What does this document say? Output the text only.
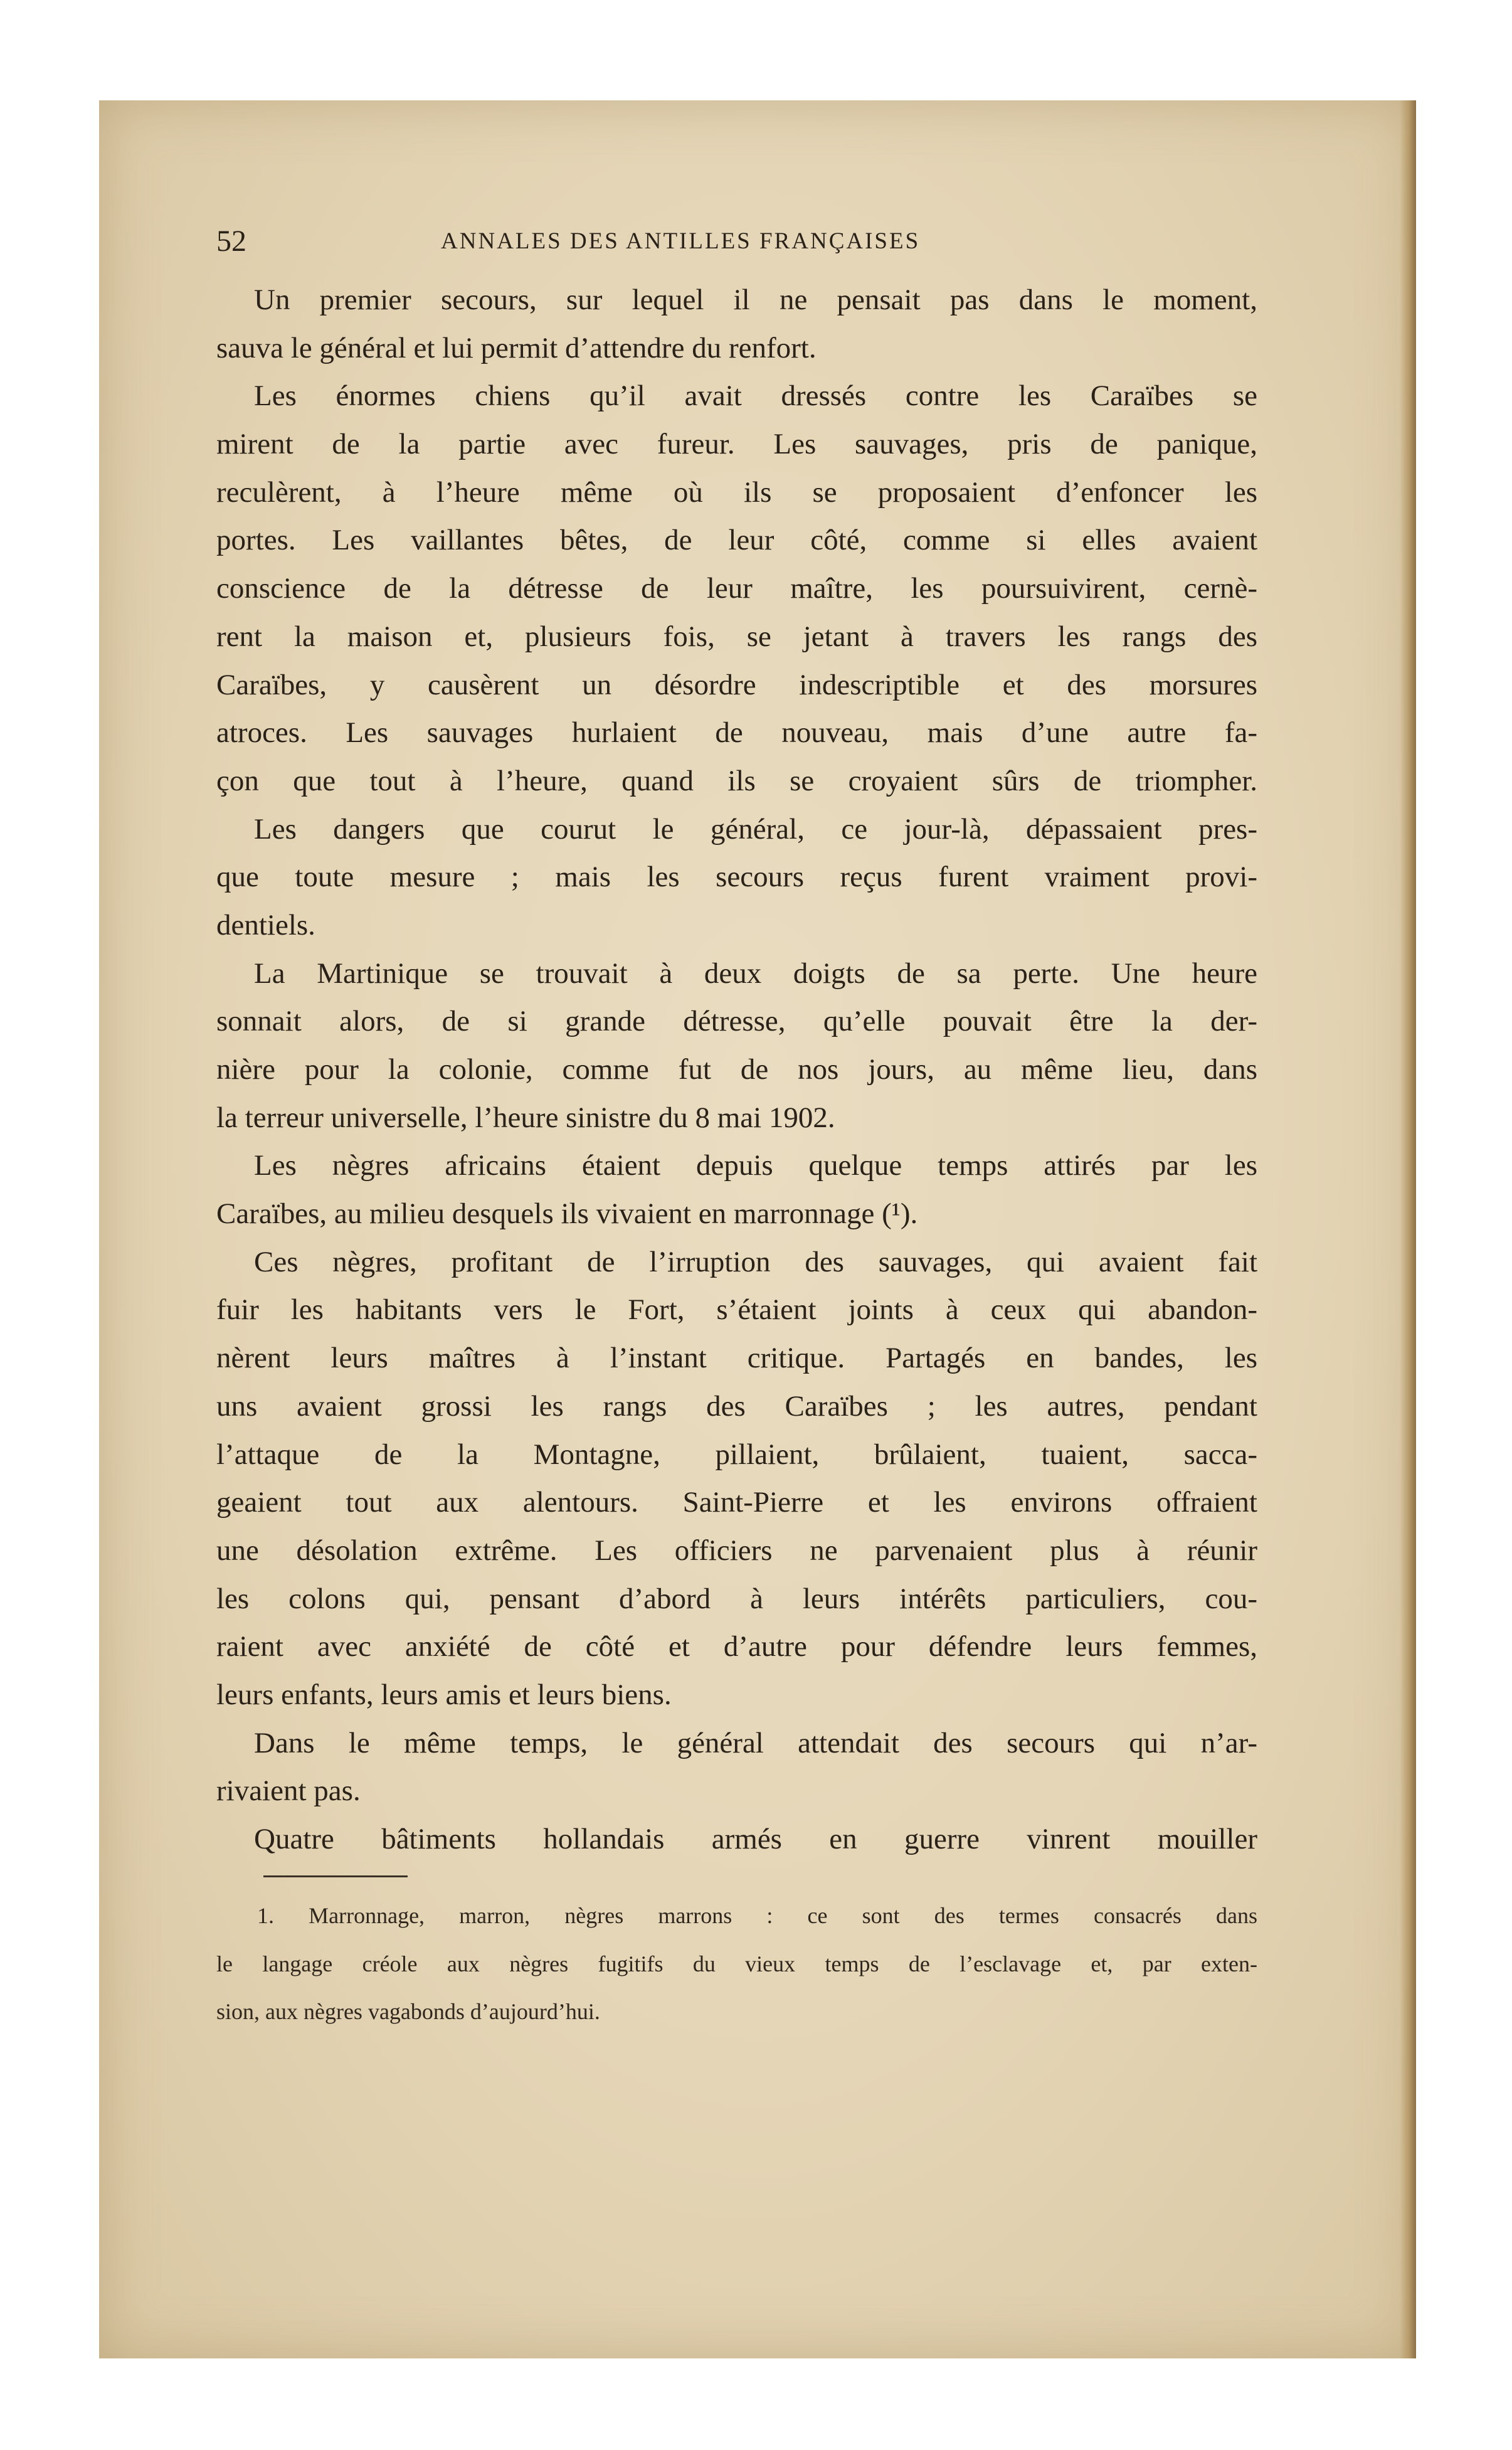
52	ANNALES DES ANTILLES FRANÇAISES
Un premier secours, sur lequel il ne pensait pas dans le moment,
sauva le général et lui permit d’attendre du renfort.
Les énormes chiens qu’il avait dressés contre les Caraïbes se
mirent de la partie avec fureur. Les sauvages, pris de panique,
reculèrent, à l’heure même où ils se proposaient d’enfoncer les
portes. Les vaillantes bêtes, de leur côté, comme si elles avaient
conscience de la détresse de leur maître, les poursuivirent, cernè-
rent la maison et, plusieurs fois, se jetant à travers les rangs des
Caraïbes, y causèrent un désordre indescriptible et des morsures
atroces. Les sauvages hurlaient de nouveau, mais d’une autre fa-
çon que tout à l’heure, quand ils se croyaient sûrs de triompher.
Les dangers que courut le général, ce jour-là, dépassaient pres-
que toute mesure ; mais les secours reçus furent vraiment provi-
dentiels.
La Martinique se trouvait à deux doigts de sa perte. Une heure
sonnait alors, de si grande détresse, qu’elle pouvait être la der-
nière pour la colonie, comme fut de nos jours, au même lieu, dans
la terreur universelle, l’heure sinistre du 8 mai 1902.
Les nègres africains étaient depuis quelque temps attirés par les
Caraïbes, au milieu desquels ils vivaient en marronnage (¹).
Ces nègres, profitant de l’irruption des sauvages, qui avaient fait
fuir les habitants vers le Fort, s’étaient joints à ceux qui abandon-
nèrent leurs maîtres à l’instant critique. Partagés en bandes, les
uns avaient grossi les rangs des Caraïbes ; les autres, pendant
l’attaque de la Montagne, pillaient, brûlaient, tuaient, sacca-
geaient tout aux alentours. Saint-Pierre et les environs offraient
une désolation extrême. Les officiers ne parvenaient plus à réunir
les colons qui, pensant d’abord à leurs intérêts particuliers, cou-
raient avec anxiété de côté et d’autre pour défendre leurs femmes,
leurs enfants, leurs amis et leurs biens.
Dans le même temps, le général attendait des secours qui n’ar-
rivaient pas.
Quatre bâtiments hollandais armés en guerre vinrent mouiller
1. Marronnage, marron, nègres marrons : ce sont des termes consacrés dans
le langage créole aux nègres fugitifs du vieux temps de l’esclavage et, par exten-
sion, aux nègres vagabonds d’aujourd’hui.
